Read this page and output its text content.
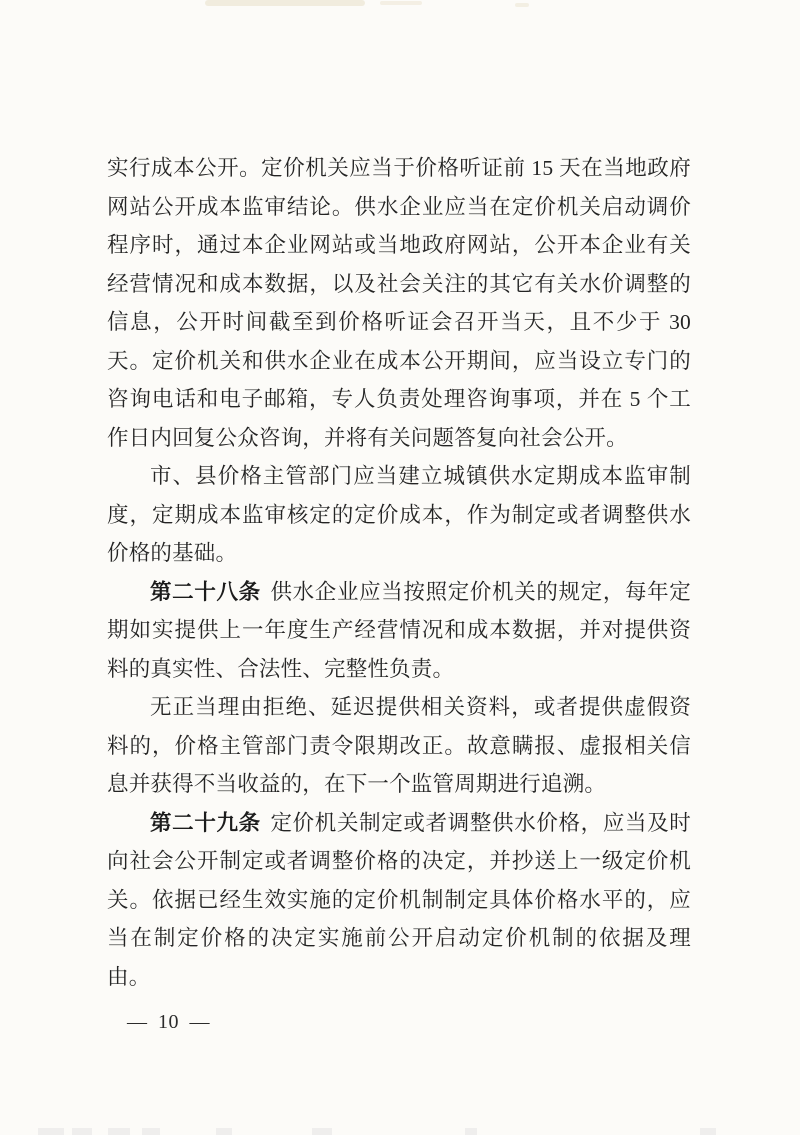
实行成本公开。定价机关应当于价格听证前 15 天在当地政府网站公开成本监审结论。供水企业应当在定价机关启动调价程序时，通过本企业网站或当地政府网站，公开本企业有关经营情况和成本数据，以及社会关注的其它有关水价调整的信息，公开时间截至到价格听证会召开当天，且不少于 30 天。定价机关和供水企业在成本公开期间，应当设立专门的咨询电话和电子邮箱，专人负责处理咨询事项，并在 5 个工作日内回复公众咨询，并将有关问题答复向社会公开。

市、县价格主管部门应当建立城镇供水定期成本监审制度，定期成本监审核定的定价成本，作为制定或者调整供水价格的基础。

第二十八条 供水企业应当按照定价机关的规定，每年定期如实提供上一年度生产经营情况和成本数据，并对提供资料的真实性、合法性、完整性负责。

无正当理由拒绝、延迟提供相关资料，或者提供虚假资料的，价格主管部门责令限期改正。故意瞒报、虚报相关信息并获得不当收益的，在下一个监管周期进行追溯。

第二十九条 定价机关制定或者调整供水价格，应当及时向社会公开制定或者调整价格的决定，并抄送上一级定价机关。依据已经生效实施的定价机制制定具体价格水平的，应当在制定价格的决定实施前公开启动定价机制的依据及理由。

— 10 —
